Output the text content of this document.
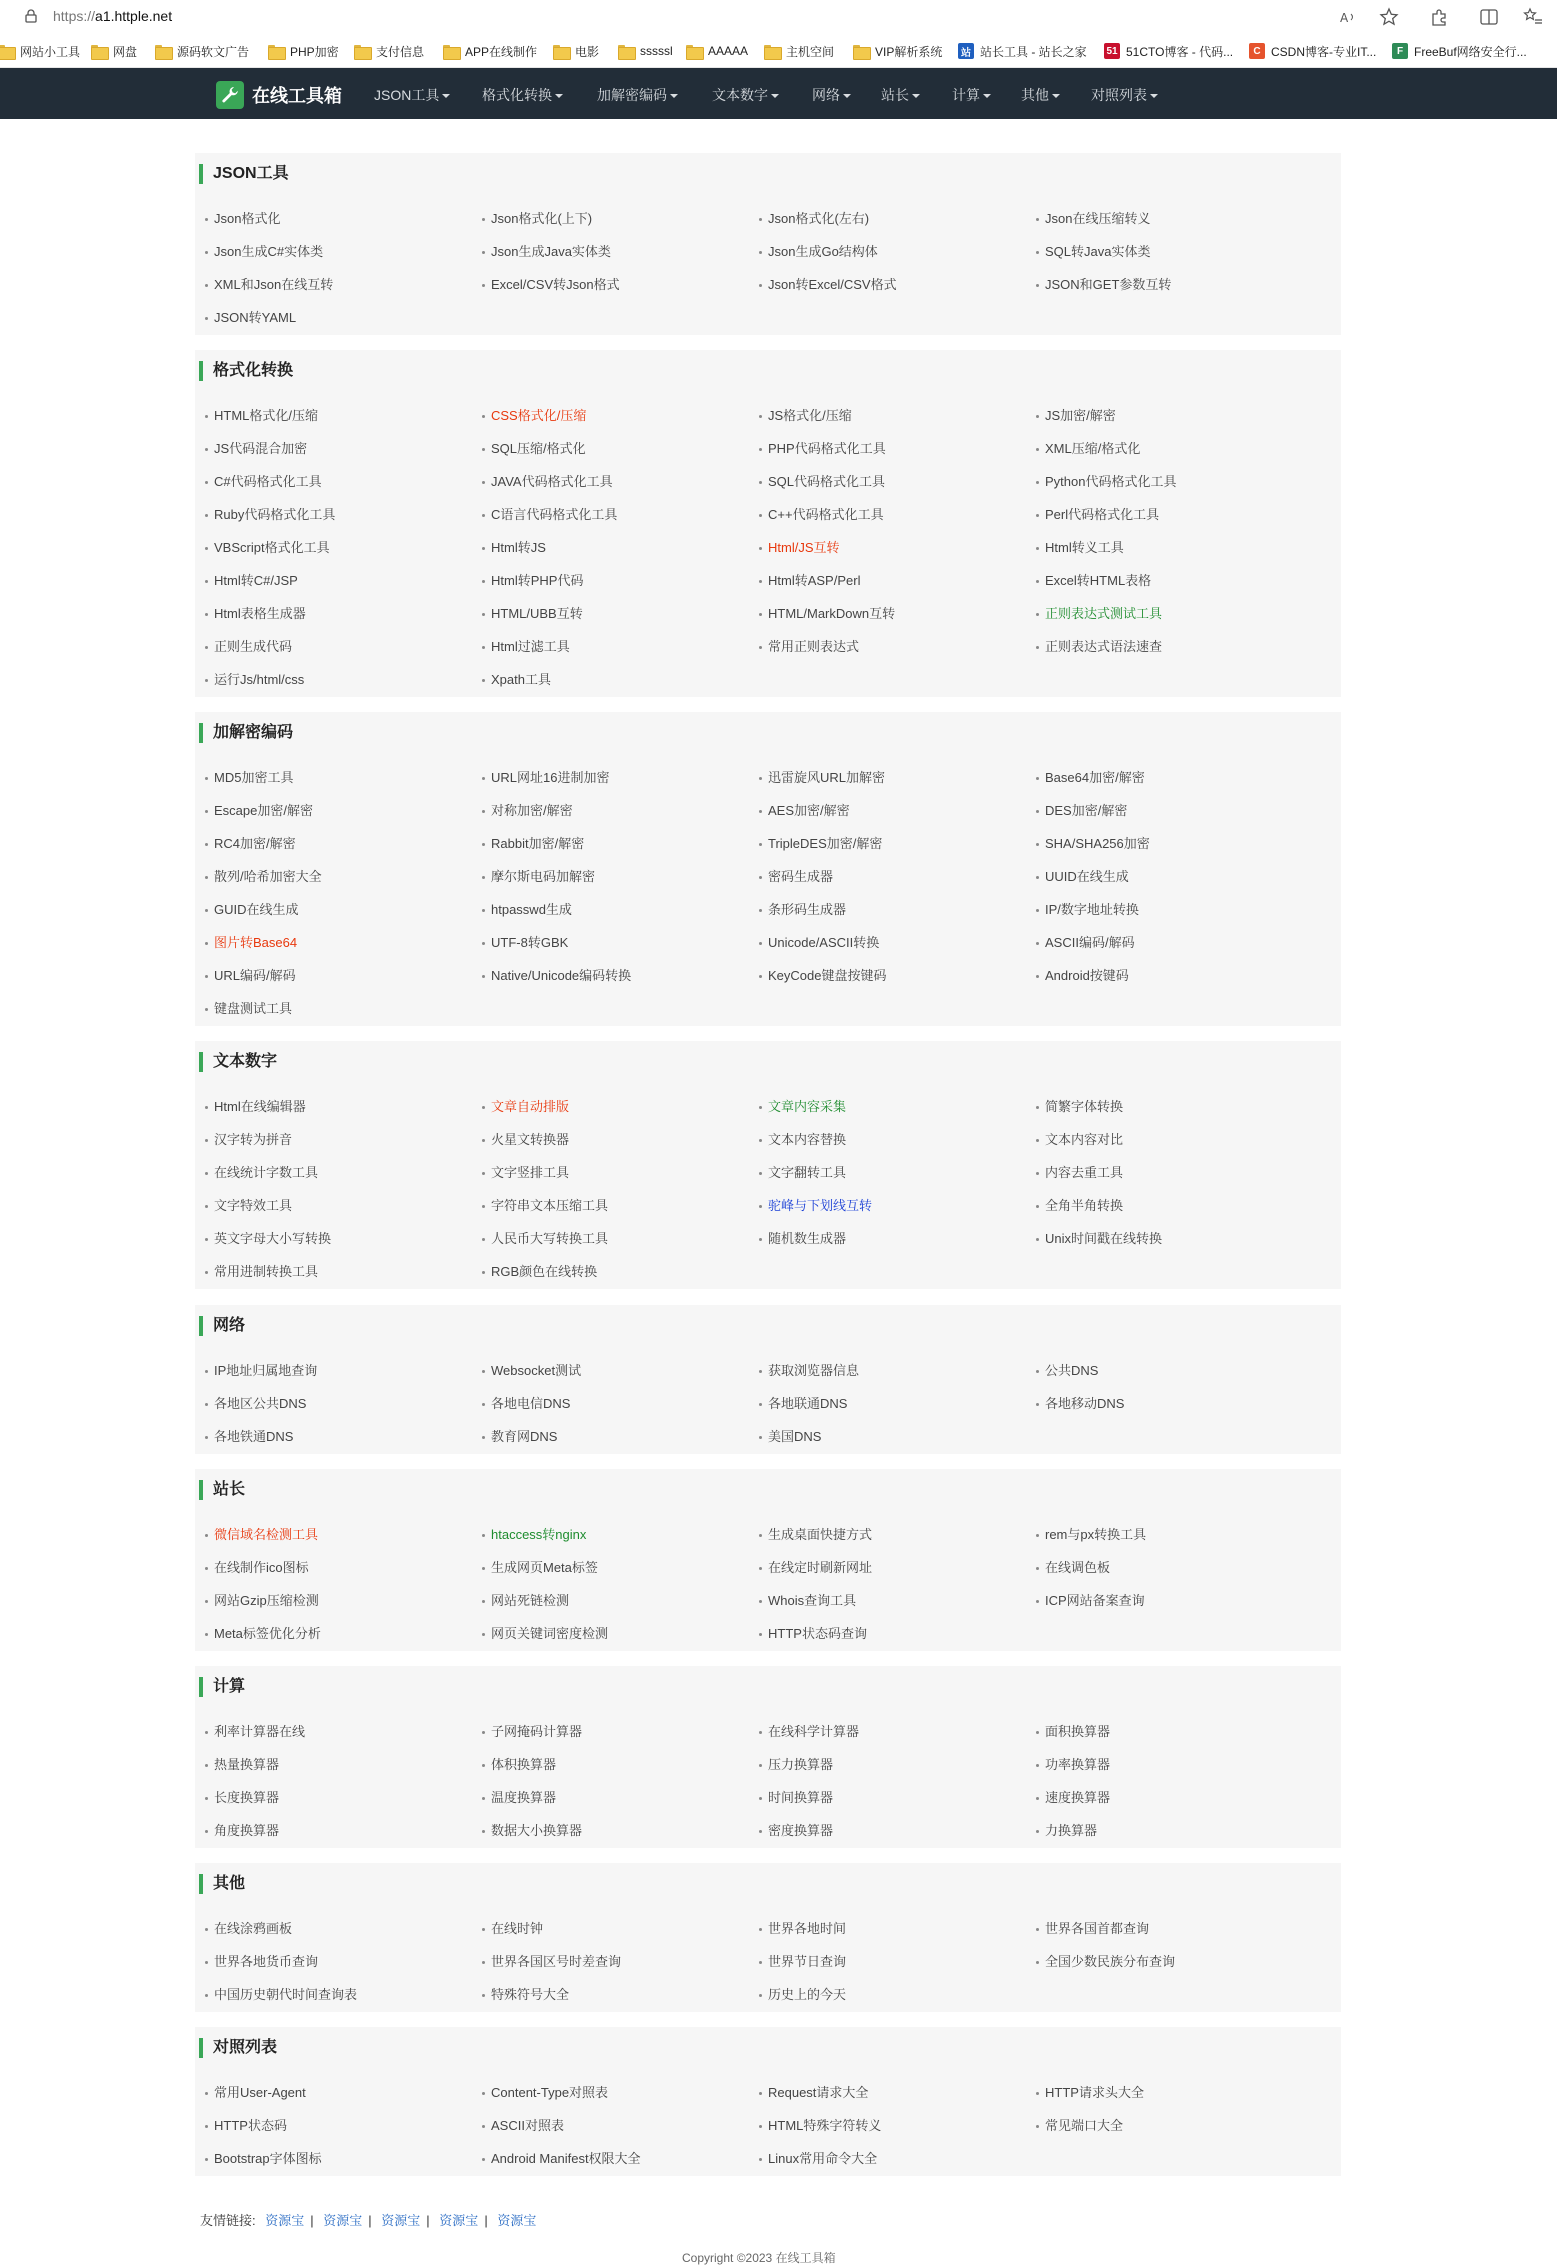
https://a1.httple.net	A
网站小工具	网盘	源码软文广告	PHP加密	支付信息	APP在线制作	电影	sssssl	AAAAA	主机空间	VIP解析系统	站 站长工具 - 站长之家 51 51CTO博客 - 代码...	C CSDN博客-专业IT...	F FreeBuf网络安全行...
在线工具箱 JSON工具	格式化转换	加解密编码	文本数字	网络	站长	计算	其他	对照列表
JSON工具
Json格式化	Json格式化(上下)	Json格式化(左右)	Json在线压缩转义
Json生成C#实体类	Json生成Java实体类	Json生成Go结构体	SQL转Java实体类
XML和Json在线互转	Excel/CSV转Json格式	Json转Excel/CSV格式	JSON和GET参数互转
JSON转YAML
格式化转换
HTML格式化/压缩	CSS格式化/压缩	JS格式化/压缩	JS加密/解密
JS代码混合加密	SQL压缩/格式化	PHP代码格式化工具	XML压缩/格式化
C#代码格式化工具	JAVA代码格式化工具	SQL代码格式化工具	Python代码格式化工具
Ruby代码格式化工具	C语言代码格式化工具	C++代码格式化工具	Perl代码格式化工具
VBScript格式化工具	Html转JS	Html/JS互转	Html转义工具
Html转C#/JSP	Html转PHP代码	Html转ASP/Perl	Excel转HTML表格
Html表格生成器	HTML/UBB互转	HTML/MarkDown互转	正则表达式测试工具
正则生成代码	Html过滤工具	常用正则表达式	正则表达式语法速查
运行Js/html/css	Xpath工具
加解密编码
MD5加密工具	URL网址16进制加密	迅雷旋风URL加解密	Base64加密/解密
Escape加密/解密	对称加密/解密	AES加密/解密	DES加密/解密
RC4加密/解密	Rabbit加密/解密	TripleDES加密/解密	SHA/SHA256加密
散列/哈希加密大全	摩尔斯电码加解密	密码生成器	UUID在线生成
GUID在线生成	htpasswd生成	条形码生成器	IP/数字地址转换
图片转Base64	UTF-8转GBK	Unicode/ASCII转换	ASCII编码/解码
URL编码/解码	Native/Unicode编码转换	KeyCode键盘按键码	Android按键码
键盘测试工具
文本数字
Html在线编辑器	文章自动排版	文章内容采集	简繁字体转换
汉字转为拼音	火星文转换器	文本内容替换	文本内容对比
在线统计字数工具	文字竖排工具	文字翻转工具	内容去重工具
文字特效工具	字符串文本压缩工具	驼峰与下划线互转	全角半角转换
英文字母大小写转换	人民币大写转换工具	随机数生成器	Unix时间戳在线转换
常用进制转换工具	RGB颜色在线转换
网络
IP地址归属地查询	Websocket测试	获取浏览器信息	公共DNS
各地区公共DNS	各地电信DNS	各地联通DNS	各地移动DNS
各地铁通DNS	教育网DNS	美国DNS
站长
微信域名检测工具	htaccess转nginx	生成桌面快捷方式	rem与px转换工具
在线制作ico图标	生成网页Meta标签	在线定时刷新网址	在线调色板
网站Gzip压缩检测	网站死链检测	Whois查询工具	ICP网站备案查询
Meta标签优化分析	网页关键词密度检测	HTTP状态码查询
计算
利率计算器在线	子网掩码计算器	在线科学计算器	面积换算器
热量换算器	体积换算器	压力换算器	功率换算器
长度换算器	温度换算器	时间换算器	速度换算器
角度换算器	数据大小换算器	密度换算器	力换算器
其他
在线涂鸦画板	在线时钟	世界各地时间	世界各国首都查询
世界各地货币查询	世界各国区号时差查询	世界节日查询	全国少数民族分布查询
中国历史朝代时间查询表	特殊符号大全	历史上的今天
对照列表
常用User-Agent	Content-Type对照表	Request请求大全	HTTP请求头大全
HTTP状态码	ASCII对照表	HTML特殊字符转义	常见端口大全
Bootstrap字体图标	Android Manifest权限大全	Linux常用命令大全
友情链接: 资源宝 | 资源宝 | 资源宝 | 资源宝 | 资源宝
Copyright ©2023 在线工具箱
